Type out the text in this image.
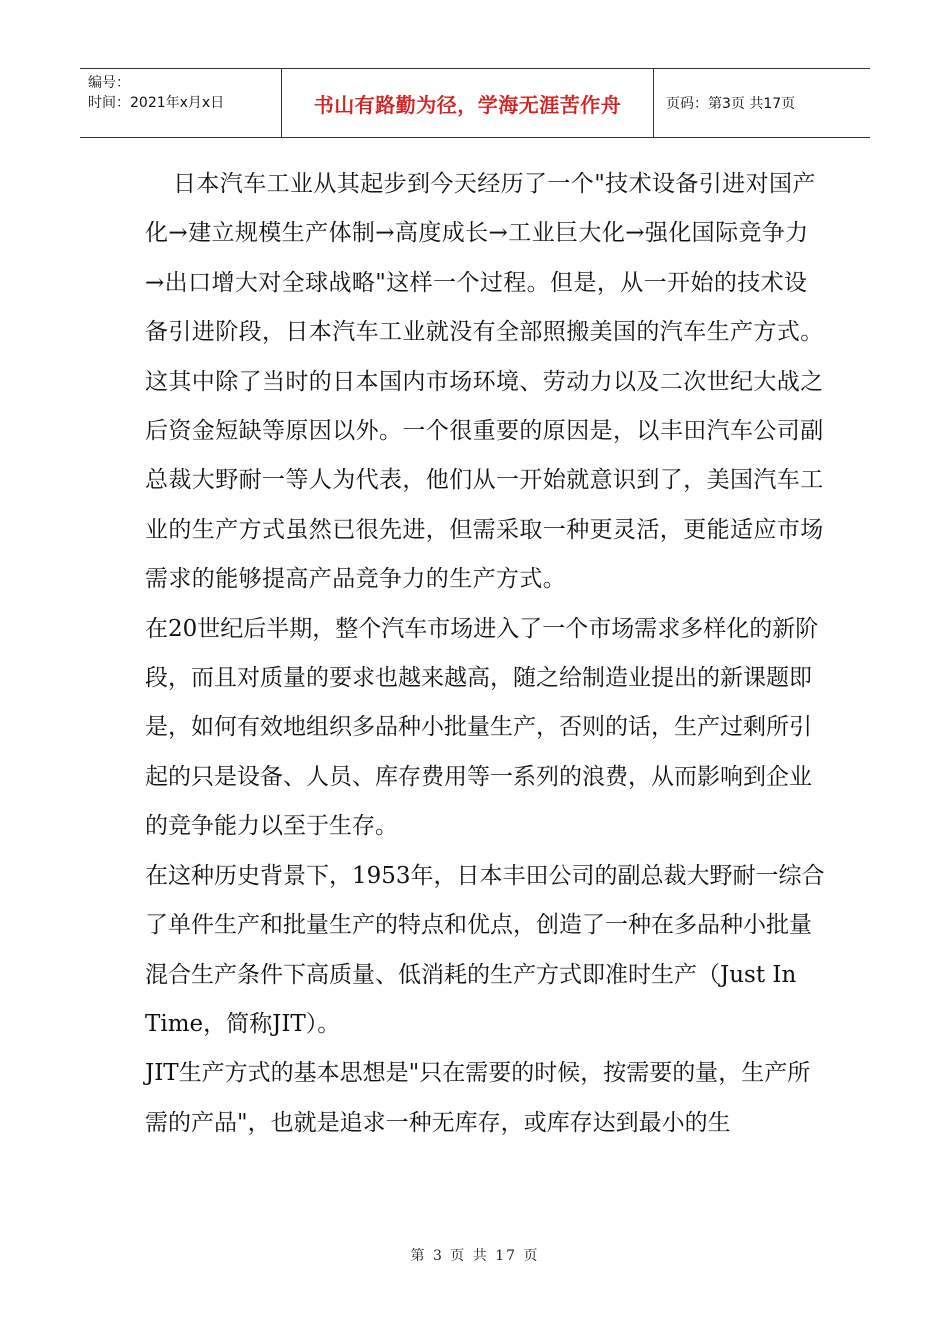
编号：
时间：2021年x月x日	书山有路勤为径，学海无涯苦作舟	页码：第3页 共17页

日本汽车工业从其起步到今天经历了一个"技术设备引进对国产化→建立规模生产体制→高度成长→工业巨大化→强化国际竞争力→出口增大对全球战略"这样一个过程。但是，从一开始的技术设备引进阶段，日本汽车工业就没有全部照搬美国的汽车生产方式。这其中除了当时的日本国内市场环境、劳动力以及二次世纪大战之后资金短缺等原因以外。一个很重要的原因是，以丰田汽车公司副总裁大野耐一等人为代表，他们从一开始就意识到了，美国汽车工业的生产方式虽然已很先进，但需采取一种更灵活，更能适应市场需求的能够提高产品竞争力的生产方式。

在20世纪后半期，整个汽车市场进入了一个市场需求多样化的新阶段，而且对质量的要求也越来越高，随之给制造业提出的新课题即是，如何有效地组织多品种小批量生产，否则的话，生产过剩所引起的只是设备、人员、库存费用等一系列的浪费，从而影响到企业的竞争能力以至于生存。

在这种历史背景下，1953年，日本丰田公司的副总裁大野耐一综合了单件生产和批量生产的特点和优点，创造了一种在多品种小批量混合生产条件下高质量、低消耗的生产方式即准时生产（Just In Time，简称JIT）。

JIT生产方式的基本思想是"只在需要的时候，按需要的量，生产所需的产品"，也就是追求一种无库存，或库存达到最小的生

第 3 页 共 17 页
